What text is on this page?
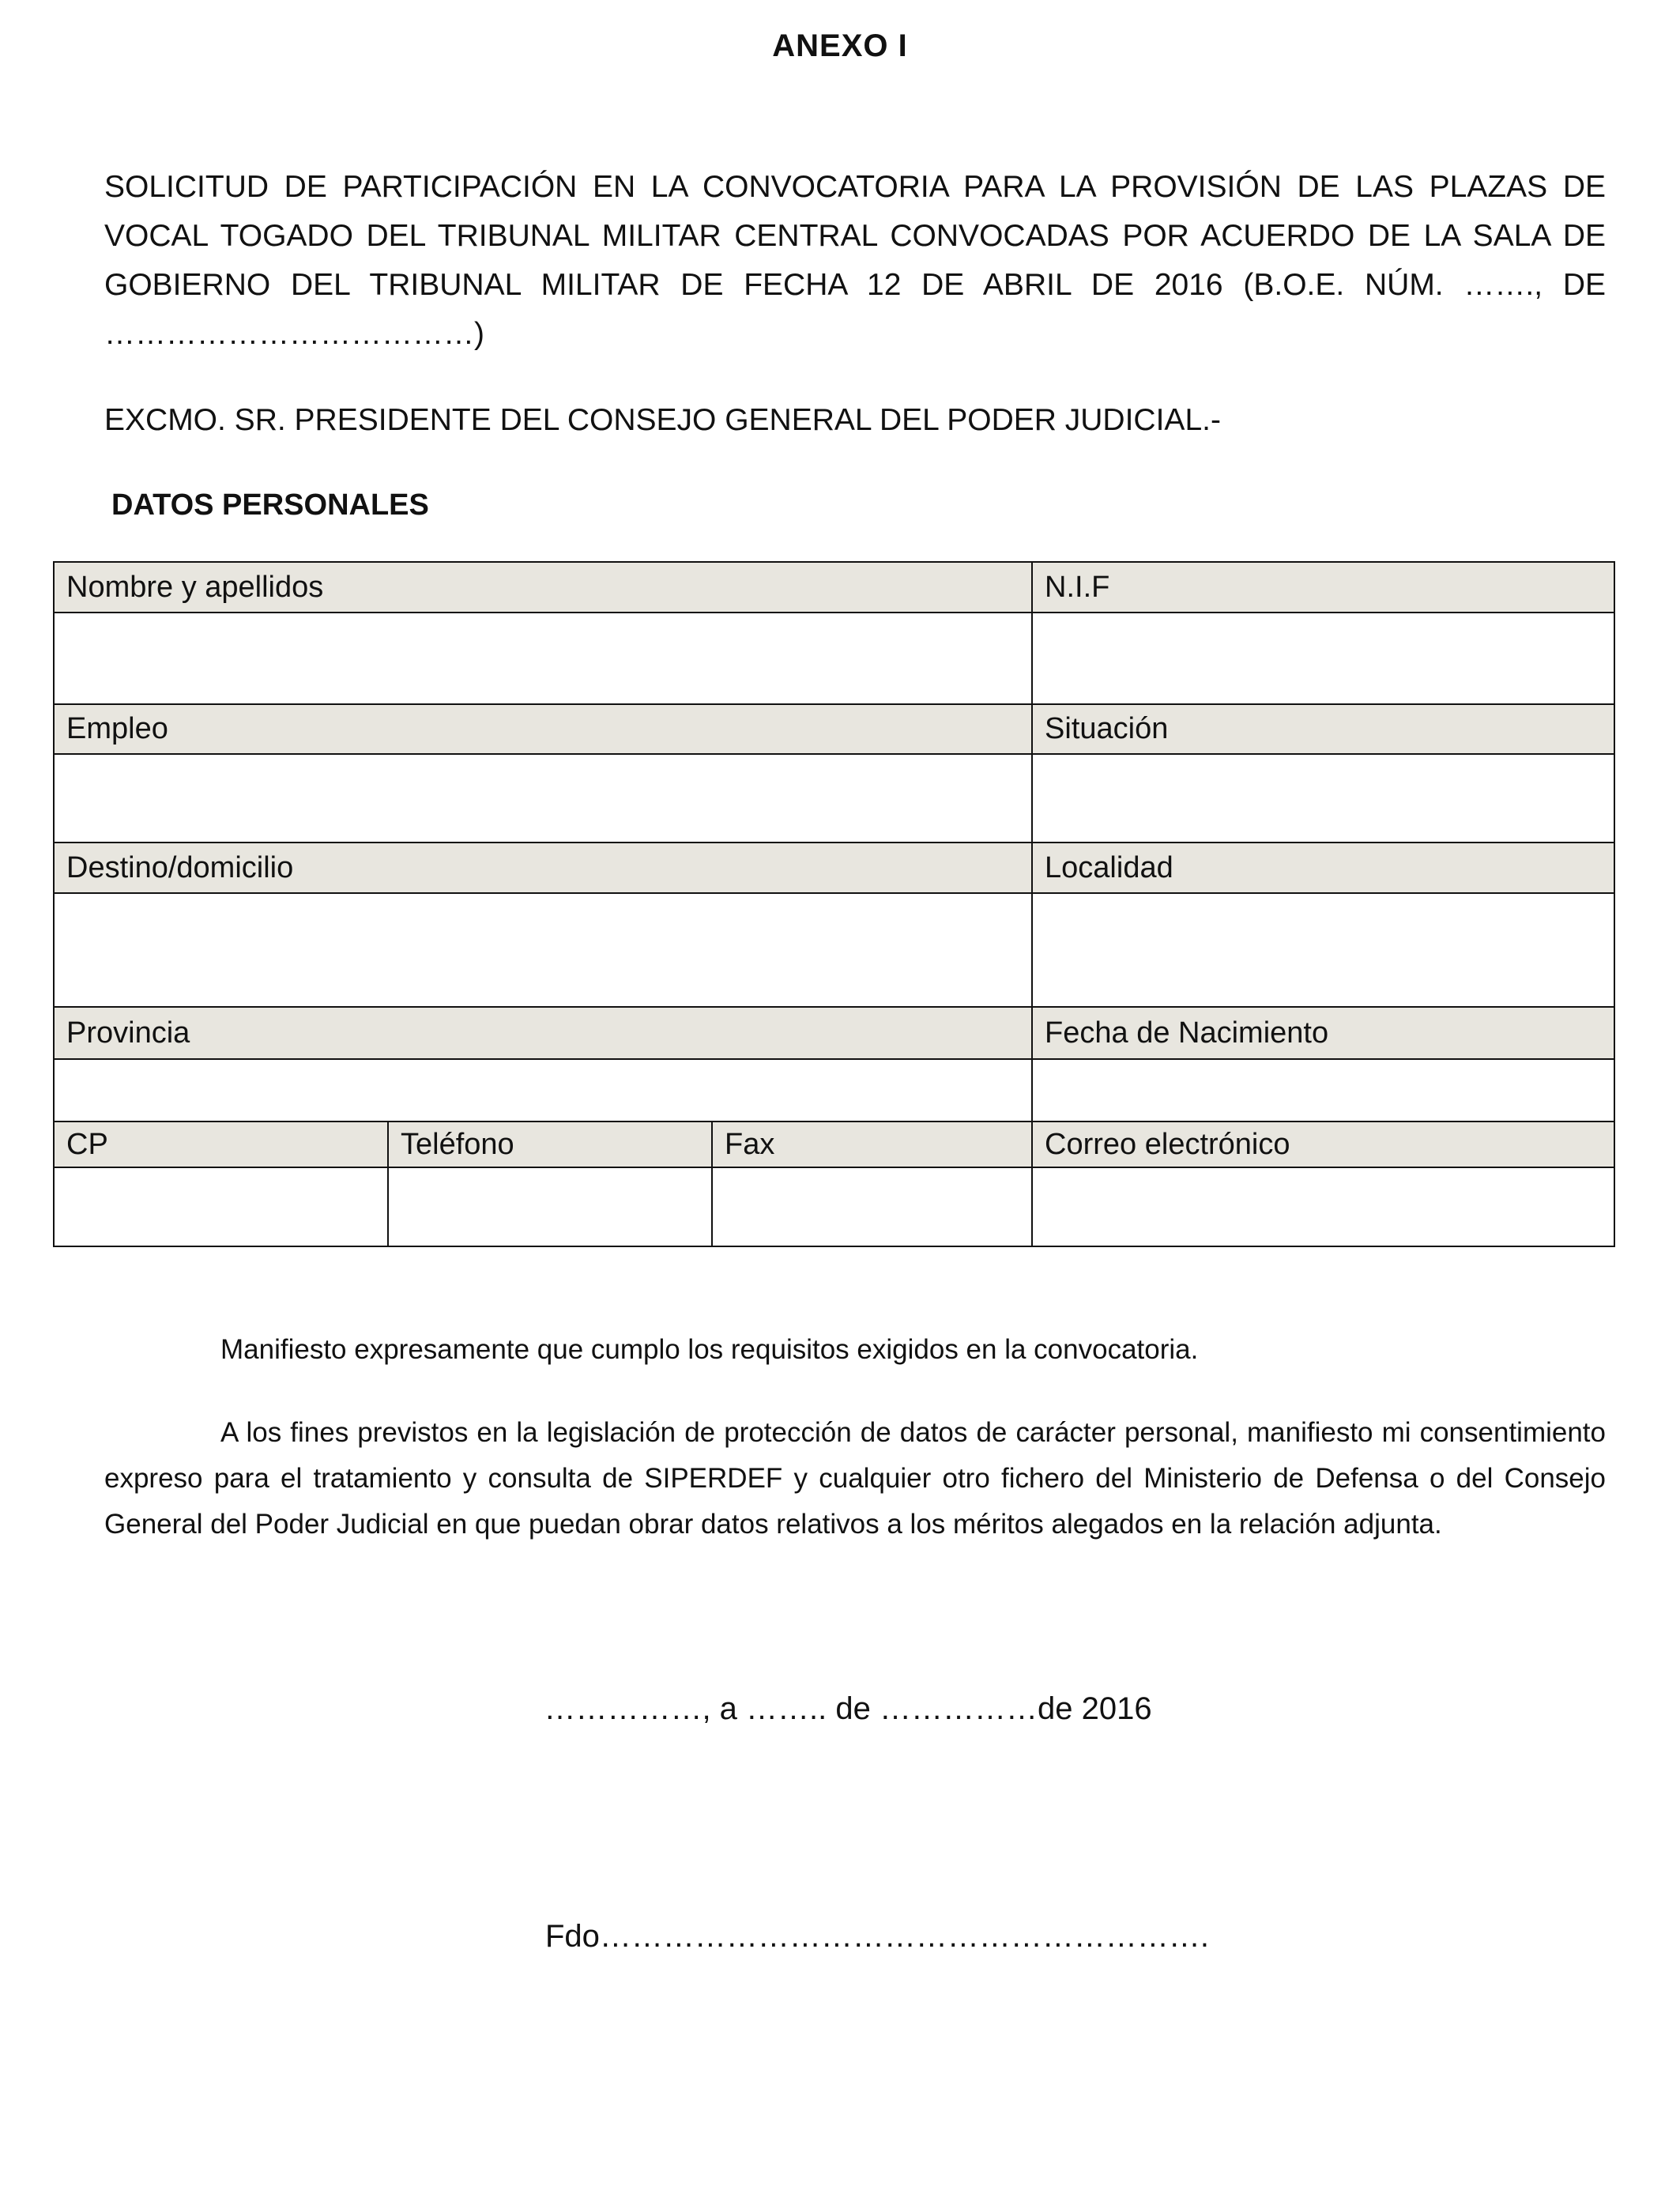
ANEXO I
SOLICITUD DE PARTICIPACIÓN EN LA CONVOCATORIA PARA LA PROVISIÓN DE LAS PLAZAS DE VOCAL TOGADO DEL TRIBUNAL MILITAR CENTRAL CONVOCADAS POR ACUERDO DE LA SALA DE GOBIERNO DEL TRIBUNAL MILITAR DE FECHA 12 DE ABRIL DE 2016 (B.O.E. NÚM. ……., DE ………………………………)
EXCMO. SR. PRESIDENTE DEL CONSEJO GENERAL DEL PODER JUDICIAL.-
DATOS PERSONALES
Nombre y apellidos			N.I.F

Empleo			Situación

Destino/domicilio			Localidad

Provincia			Fecha de Nacimiento

CP	Teléfono	Fax	Correo electrónico

Manifiesto expresamente que cumplo los requisitos exigidos en la convocatoria.
A los fines previstos en la legislación de protección de datos de carácter personal, manifiesto mi consentimiento expreso para el tratamiento y consulta de SIPERDEF y cualquier otro fichero del Ministerio de Defensa o del Consejo General del Poder Judicial en que puedan obrar datos relativos a los méritos alegados en la relación adjunta.
……………, a …….. de ……………de 2016
Fdo………………………………………………….
